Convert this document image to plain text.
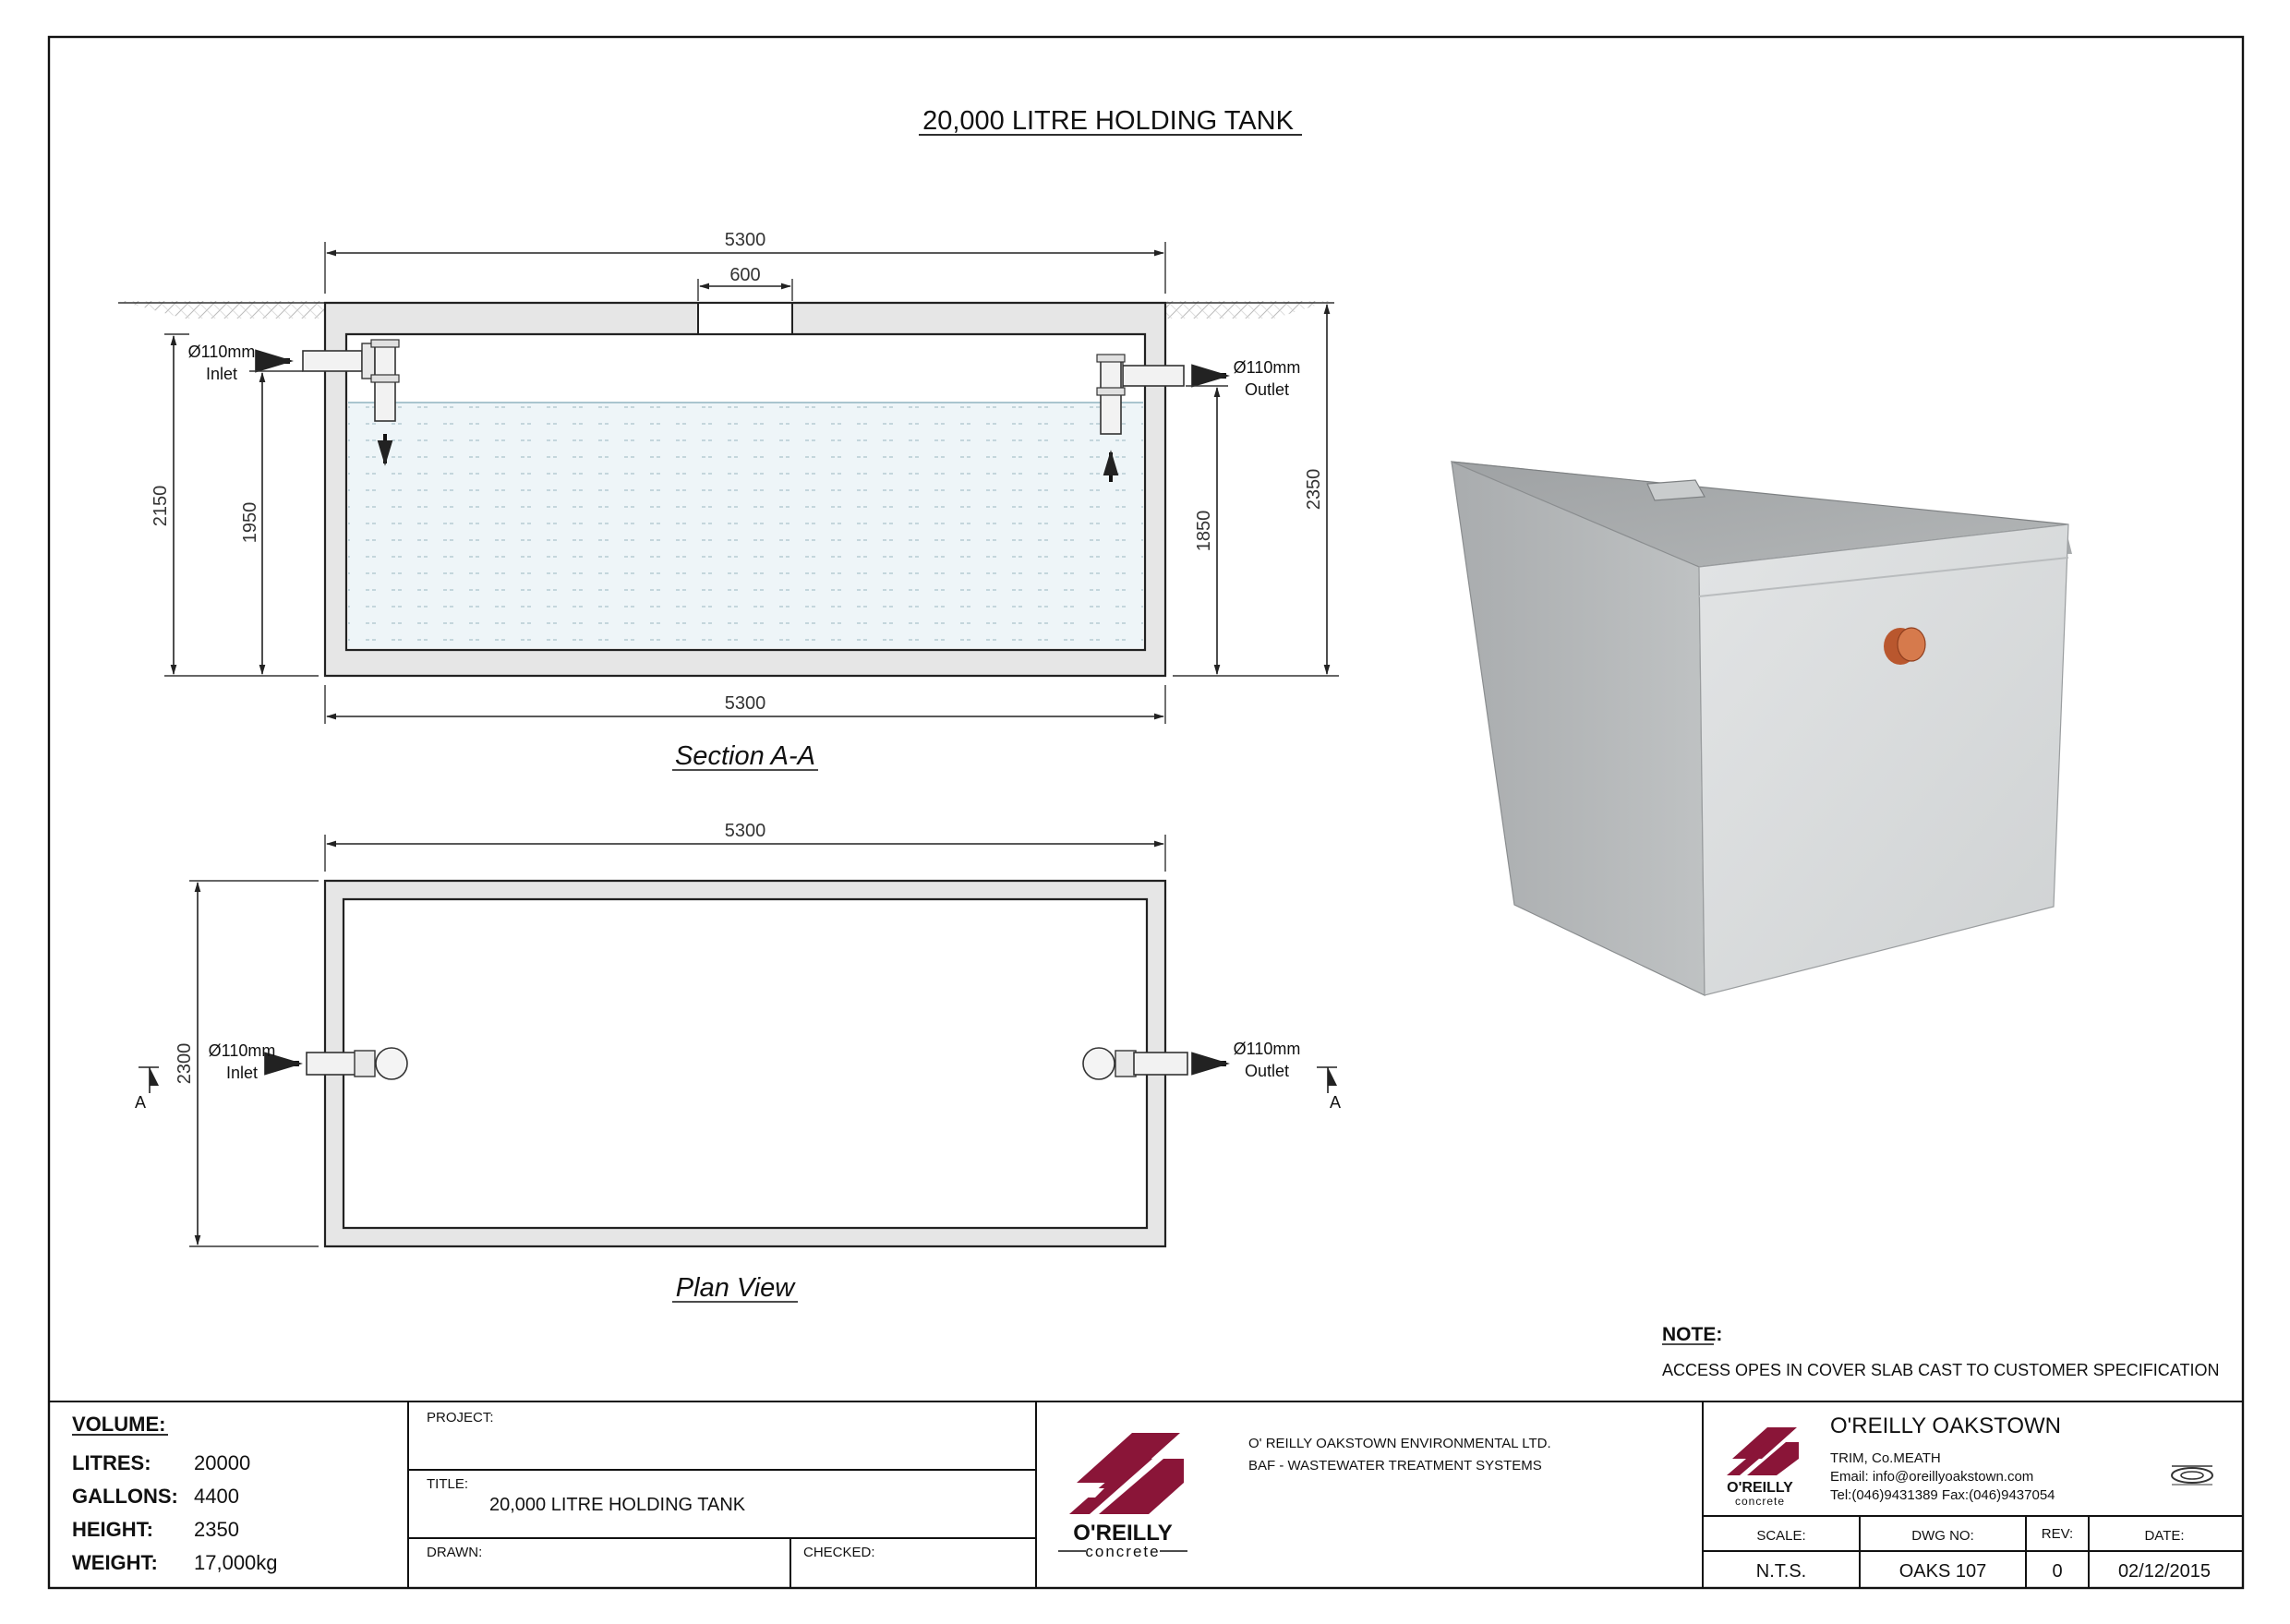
20,000 LITRE HOLDING TANK
Ø110mm
Inlet	Ø110mm
Outlet
5300
600
5300
2150	1950	1850
2350
Section A-A
5300
2300 Ø110mm
Inlet
Ø110mm
Outlet
A	A
Plan View
NOTE:
ACCESS OPES IN COVER SLAB CAST TO CUSTOMER SPECIFICATION
VOLUME:
LITRES: 20000
GALLONS: 4400
HEIGHT: 2350
WEIGHT: 17,000kg
PROJECT:
TITLE:
20,000 LITRE HOLDING TANK
DRAWN:	CHECKED:
O'REILLY
concrete
O' REILLY OAKSTOWN ENVIRONMENTAL LTD.
BAF - WASTEWATER TREATMENT SYSTEMS
O'REILLY
concrete
O'REILLY OAKSTOWN
TRIM, Co.MEATH
Email: info@oreillyoakstown.com
Tel:(046)9431389 Fax:(046)9437054
SCALE:	DWG NO:	REV:	DATE:
N.T.S.	OAKS 107	0	02/12/2015
